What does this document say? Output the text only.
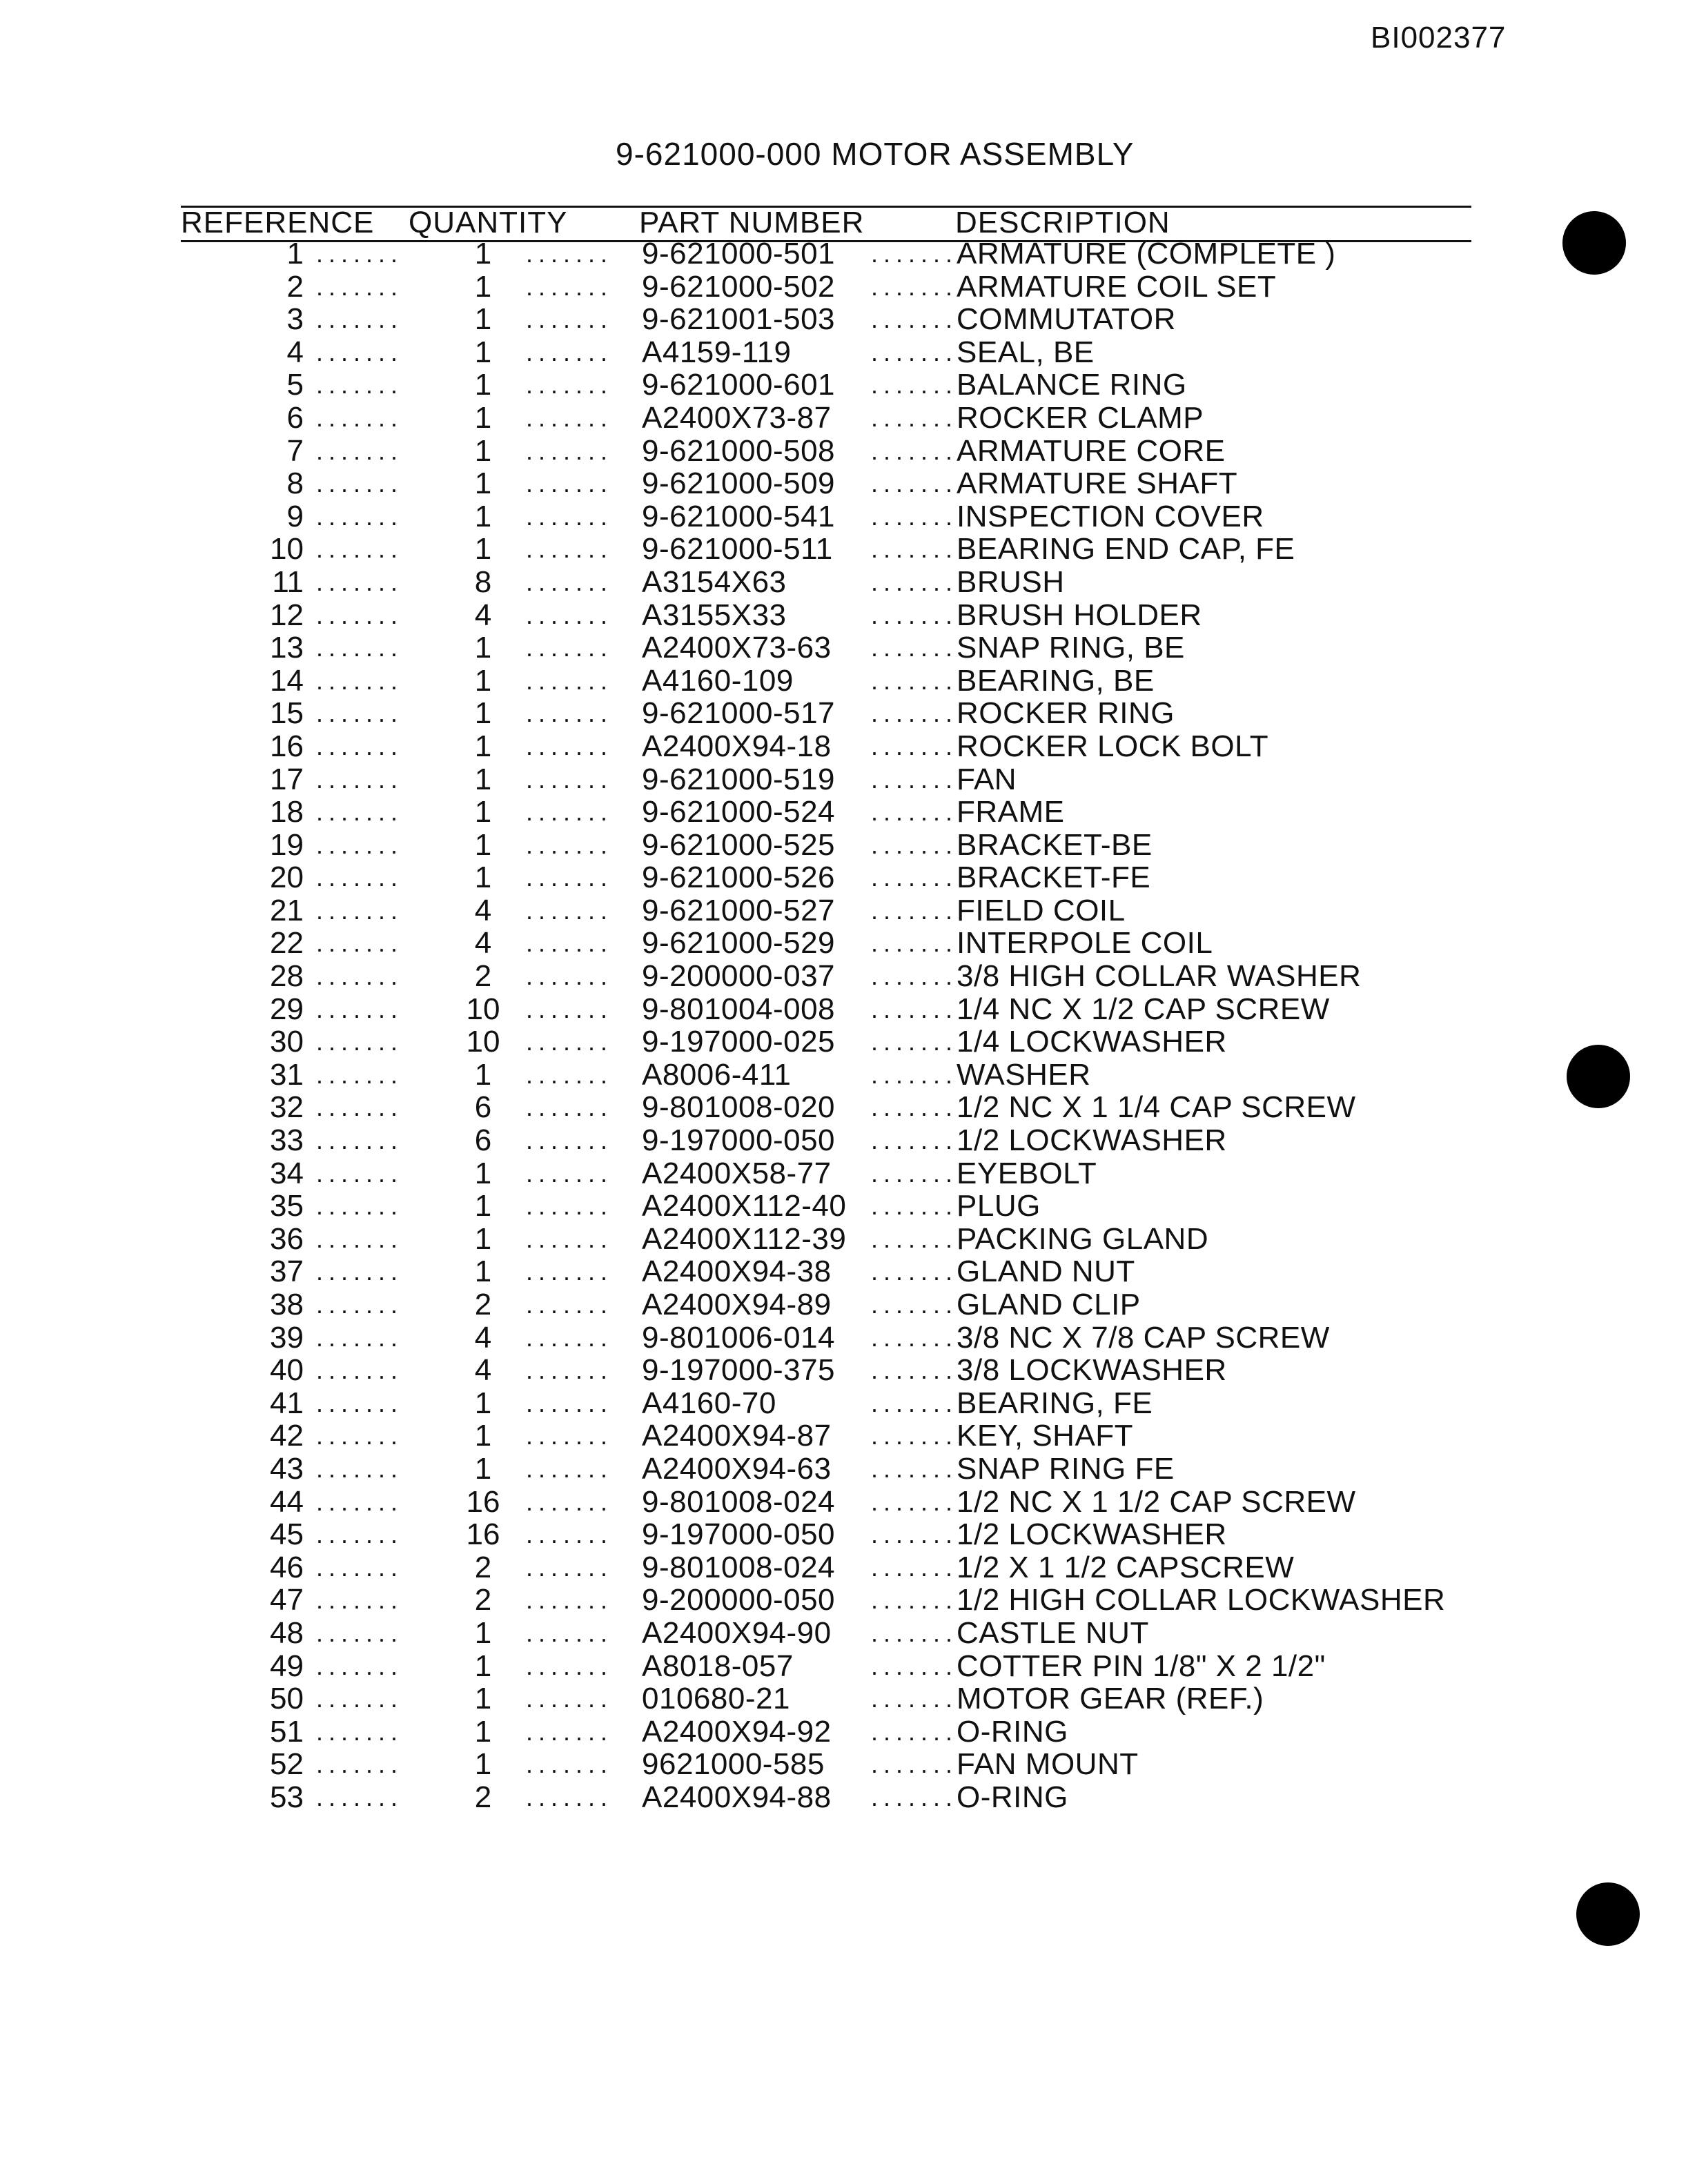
BI002377
9-621000-000 MOTOR ASSEMBLY
REFERENCE QUANTITY PART NUMBER	DESCRIPTION
1 .......	1	....... 9-621000-501 .......
ARMATURE (COMPLETE )
2 .......	1	....... 9-621000-502 .......
ARMATURE COIL SET
3 .......	1	....... 9-621001-503 .......
COMMUTATOR
4 .......	1	....... A4159-119	.......
SEAL, BE
5 .......	1	....... 9-621000-601 .......
BALANCE RING
6 .......	1	....... A2400X73-87 .......
ROCKER CLAMP
7 .......	1	....... 9-621000-508 .......
ARMATURE CORE
8 .......	1	....... 9-621000-509 .......
ARMATURE SHAFT
9 .......	1	....... 9-621000-541 .......
INSPECTION COVER
10 .......	1	....... 9-621000-511 .......
BEARING END CAP, FE
11 .......	8	....... A3154X63	.......
BRUSH
12 .......	4	....... A3155X33	.......
BRUSH HOLDER
13 .......	1	....... A2400X73-63 .......
SNAP RING, BE
14 .......	1	....... A4160-109	.......
BEARING, BE
15 .......	1	....... 9-621000-517 .......
ROCKER RING
16 .......	1	....... A2400X94-18 .......
ROCKER LOCK BOLT
17 .......	1	....... 9-621000-519 .......
FAN
18 .......	1	....... 9-621000-524 .......
FRAME
19 .......	1	....... 9-621000-525 .......
BRACKET-BE
20 .......	1	....... 9-621000-526 .......
BRACKET-FE
21 .......	4	....... 9-621000-527 .......
FIELD COIL
22 .......	4	....... 9-621000-529 .......
INTERPOLE COIL
28 .......	2	....... 9-200000-037 .......
3/8 HIGH COLLAR WASHER
29 .......	10	....... 9-801004-008 .......
1/4 NC X 1/2 CAP SCREW
30 .......	10	....... 9-197000-025 .......
1/4 LOCKWASHER
31 .......	1	....... A8006-411	.......
WASHER
32 .......	6	....... 9-801008-020 .......
1/2 NC X 1 1/4 CAP SCREW
33 .......	6	....... 9-197000-050 .......
1/2 LOCKWASHER
34 .......	1	....... A2400X58-77 .......
EYEBOLT
35 .......	1	....... A2400X112-40 .......
PLUG
36 .......	1	....... A2400X112-39 .......
PACKING GLAND
37 .......	1	....... A2400X94-38 .......
GLAND NUT
38 .......	2	....... A2400X94-89 .......
GLAND CLIP
39 .......	4	....... 9-801006-014 .......
3/8 NC X 7/8 CAP SCREW
40 .......	4	....... 9-197000-375 .......
3/8 LOCKWASHER
41 .......	1	....... A4160-70	.......
BEARING, FE
42 .......	1	....... A2400X94-87 .......
KEY, SHAFT
43 .......	1	....... A2400X94-63 .......
SNAP RING FE
44 .......	16	....... 9-801008-024 .......
1/2 NC X 1 1/2 CAP SCREW
45 .......	16	....... 9-197000-050 .......
1/2 LOCKWASHER
46 .......	2	....... 9-801008-024 .......
1/2 X 1 1/2 CAPSCREW
47 .......	2	....... 9-200000-050 .......
1/2 HIGH COLLAR LOCKWASHER
48 .......	1	....... A2400X94-90 .......
CASTLE NUT
49 .......	1	....... A8018-057	.......
COTTER PIN 1/8" X 2 1/2"
50 .......	1	....... 010680-21	.......
MOTOR GEAR (REF.)
51 .......	1	....... A2400X94-92 .......
O-RING
52 .......	1	....... 9621000-585 .......
FAN MOUNT
53 .......	2	....... A2400X94-88 .......
O-RING
